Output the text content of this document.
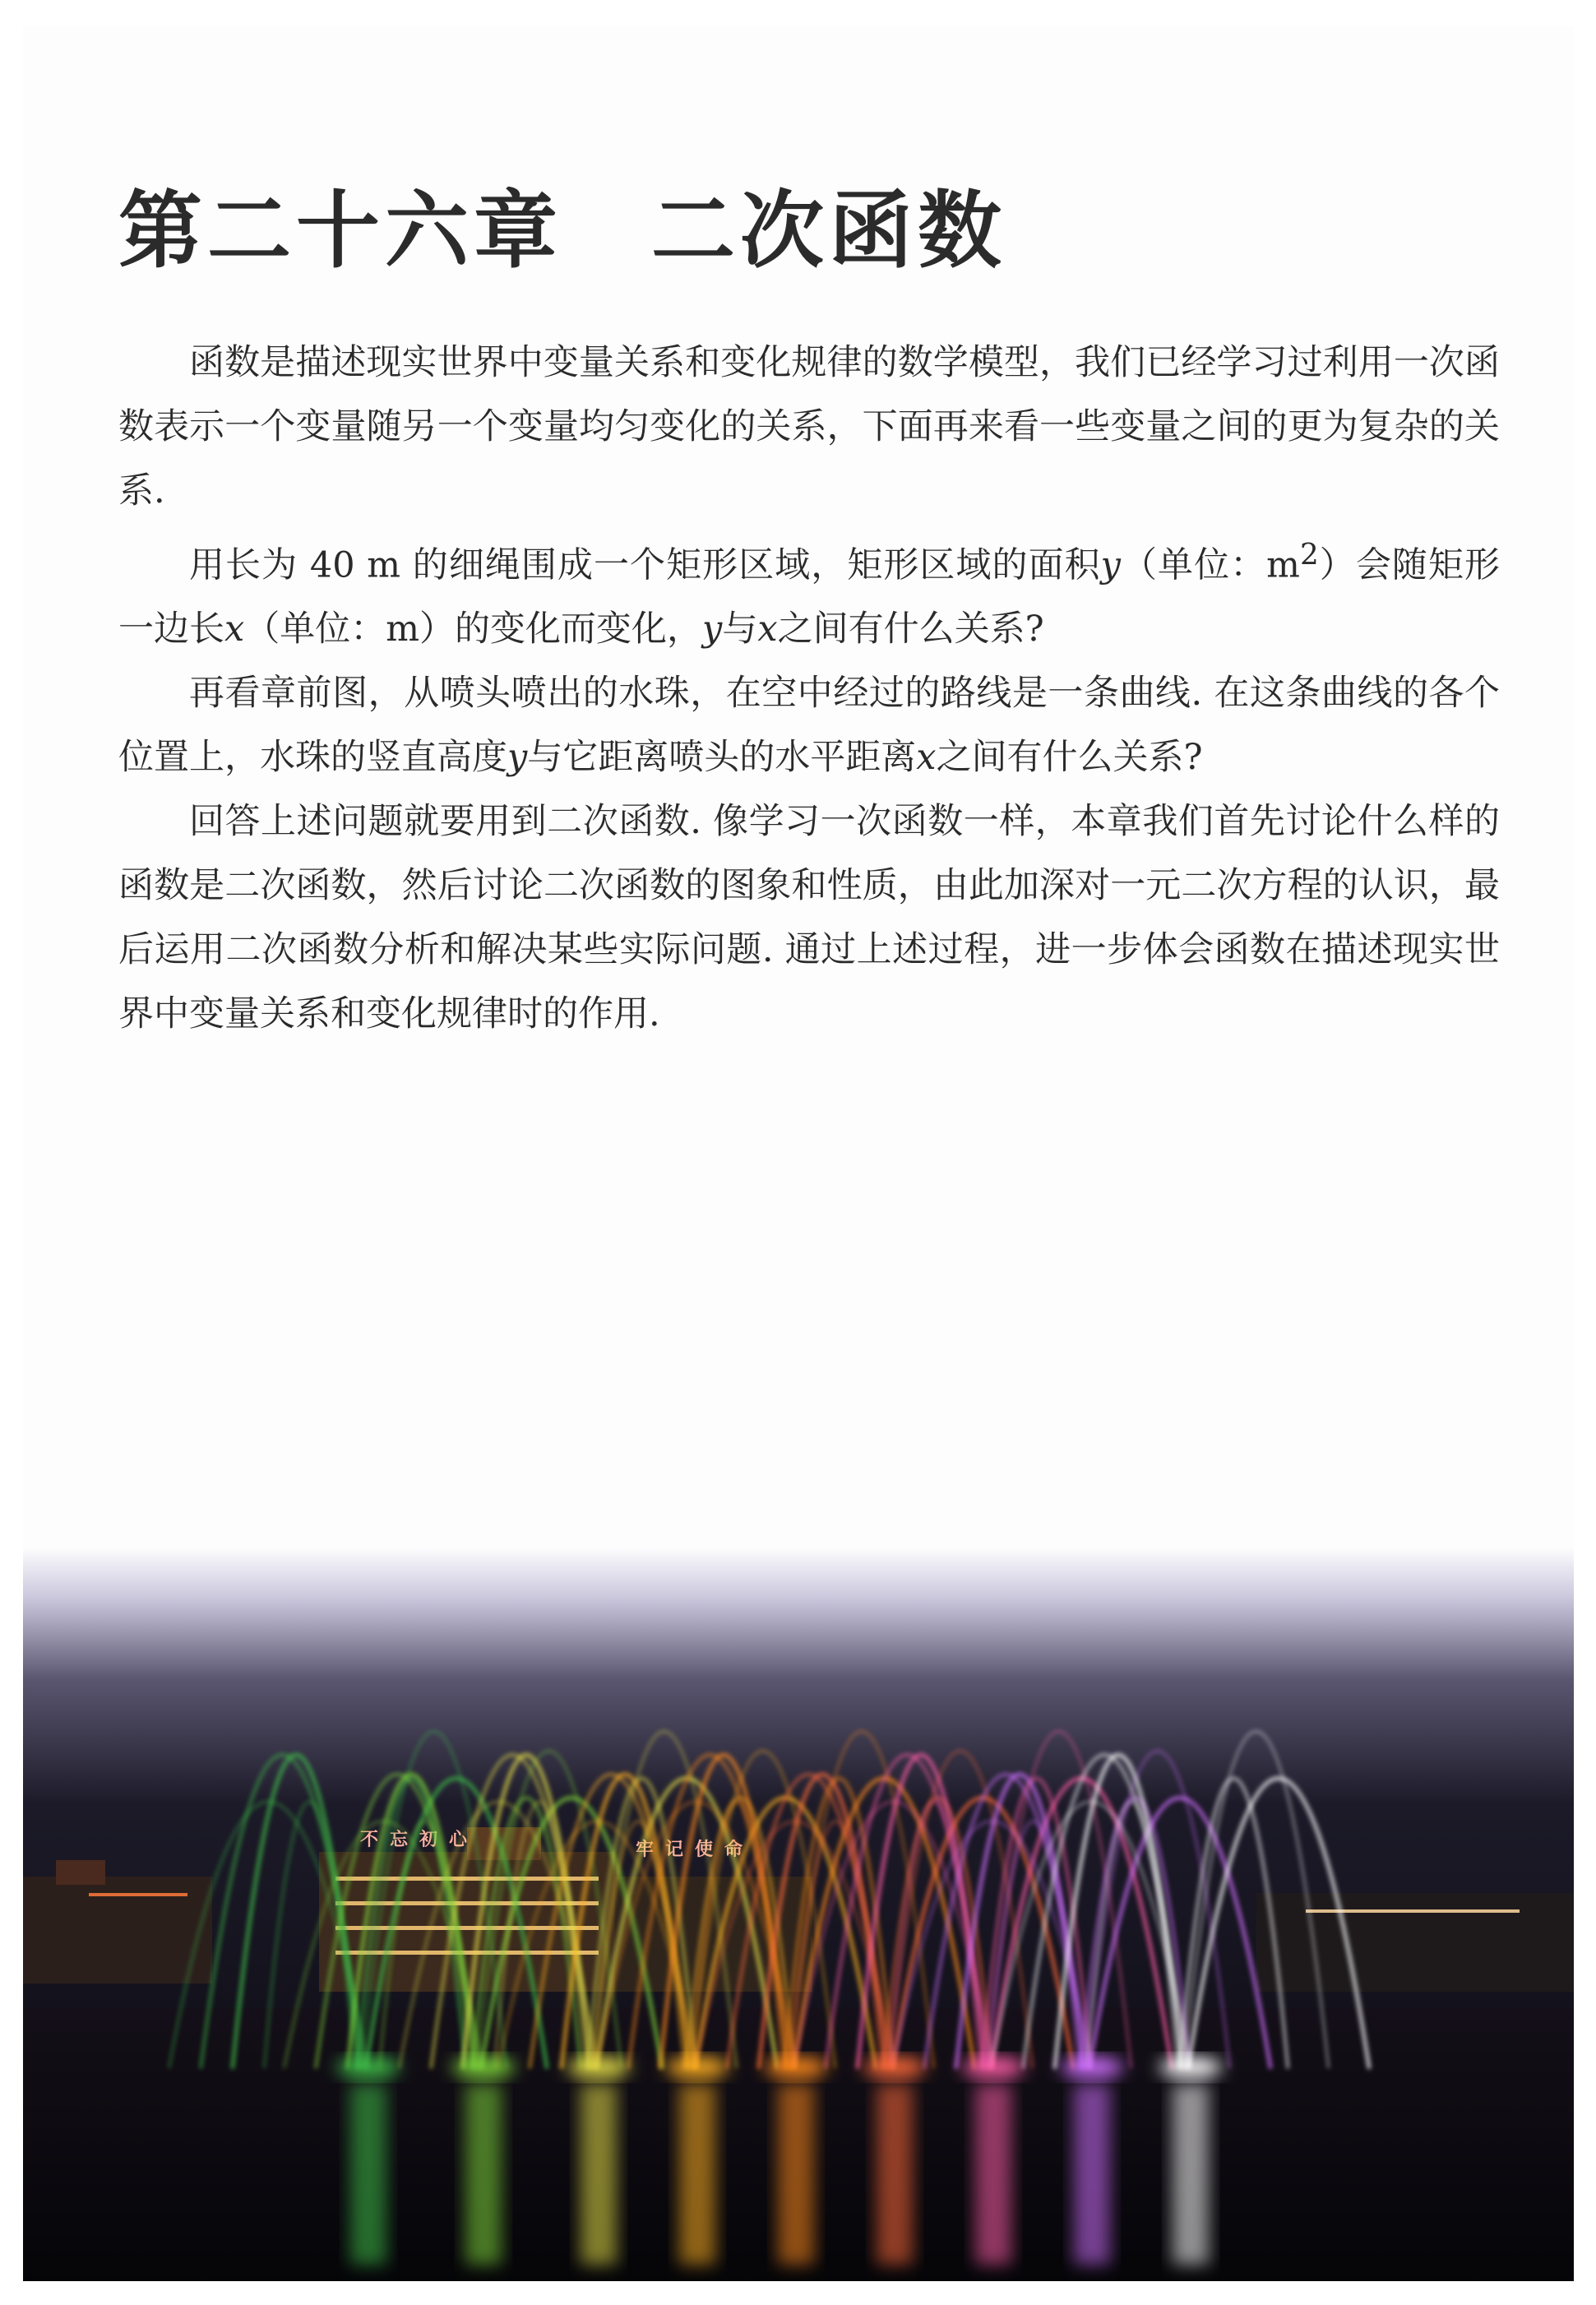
第二十六章　二次函数

函数是描述现实世界中变量关系和变化规律的数学模型，我们已经学习过利用一次函数表示一个变量随另一个变量均匀变化的关系，下面再来看一些变量之间的更为复杂的关系.

用长为 40 m 的细绳围成一个矩形区域，矩形区域的面积y（单位：$m^2$）会随矩形一边长x（单位：m）的变化而变化，y与x之间有什么关系?

再看章前图，从喷头喷出的水珠，在空中经过的路线是一条曲线. 在这条曲线的各个位置上，水珠的竖直高度y与它距离喷头的水平距离x之间有什么关系?

回答上述问题就要用到二次函数. 像学习一次函数一样，本章我们首先讨论什么样的函数是二次函数，然后讨论二次函数的图象和性质，由此加深对一元二次方程的认识，最后运用二次函数分析和解决某些实际问题. 通过上述过程，进一步体会函数在描述现实世界中变量关系和变化规律时的作用.

不忘初心	牢记使命
